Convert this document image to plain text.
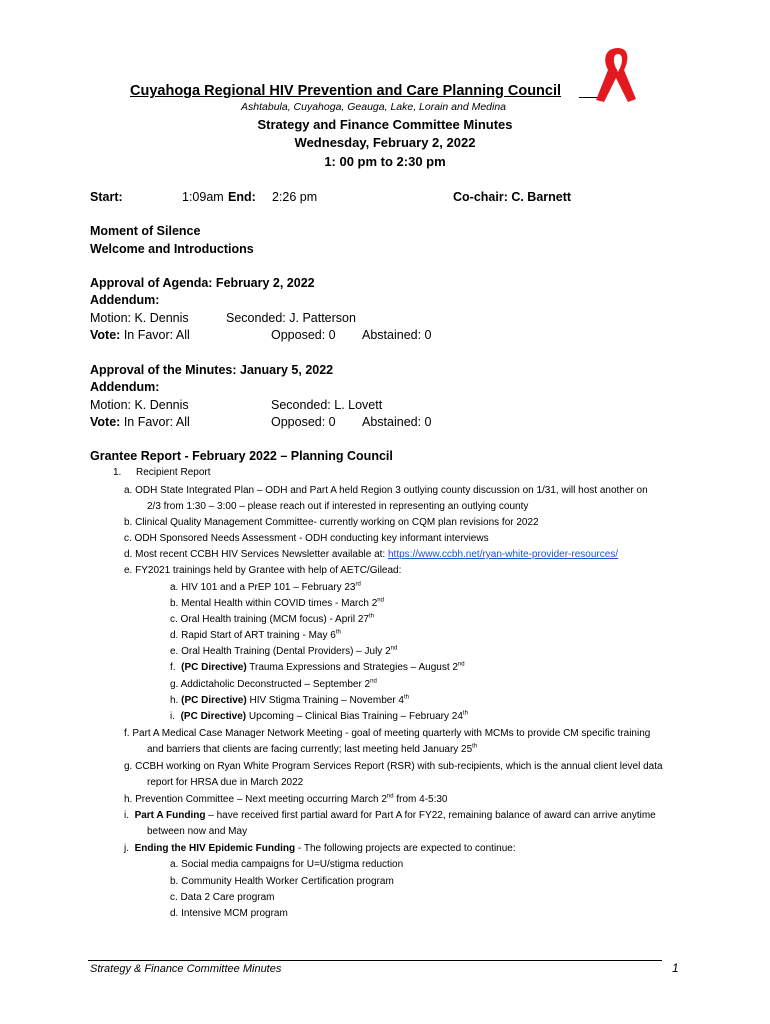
Cuyahoga Regional HIV Prevention and Care Planning Council
Ashtabula, Cuyahoga, Geauga, Lake, Lorain and Medina
Strategy and Finance Committee Minutes
Wednesday, February 2, 2022
1: 00 pm to 2:30 pm
Start:	1:09am End: 2:26 pm	Co-chair: C. Barnett
Moment of Silence
Welcome and Introductions
Approval of Agenda: February 2, 2022
Addendum:
Motion: K. Dennis	Seconded: J. Patterson
Vote: In Favor: All	Opposed: 0 Abstained: 0
Approval of the Minutes: January 5, 2022
Addendum:
Motion: K. Dennis	Seconded: L. Lovett
Vote: In Favor: All	Opposed: 0 Abstained: 0
Grantee Report - February 2022 – Planning Council
1. Recipient Report
a. ODH State Integrated Plan – ODH and Part A held Region 3 outlying county discussion on 1/31, will host another on
2/3 from 1:30 – 3:00 – please reach out if interested in representing an outlying county
b. Clinical Quality Management Committee- currently working on CQM plan revisions for 2022
c. ODH Sponsored Needs Assessment - ODH conducting key informant interviews
d. Most recent CCBH HIV Services Newsletter available at: https://www.ccbh.net/ryan-white-provider-resources/
e. FY2021 trainings held by Grantee with help of AETC/Gilead:
a. HIV 101 and a PrEP 101 – February 23rd
b. Mental Health within COVID times - March 2nd
c. Oral Health training (MCM focus) - April 27th
d. Rapid Start of ART training - May 6th
e. Oral Health Training (Dental Providers) – July 2nd
f. (PC Directive) Trauma Expressions and Strategies – August 2nd
g. Addictaholic Deconstructed – September 2nd
h. (PC Directive) HIV Stigma Training – November 4th
i. (PC Directive) Upcoming – Clinical Bias Training – February 24th
f. Part A Medical Case Manager Network Meeting - goal of meeting quarterly with MCMs to provide CM specific training
and barriers that clients are facing currently; last meeting held January 25th
g. CCBH working on Ryan White Program Services Report (RSR) with sub-recipients, which is the annual client level data
report for HRSA due in March 2022
h. Prevention Committee – Next meeting occurring March 2nd from 4-5:30
i. Part A Funding – have received first partial award for Part A for FY22, remaining balance of award can arrive anytime
between now and May
j. Ending the HIV Epidemic Funding - The following projects are expected to continue:
a. Social media campaigns for U=U/stigma reduction
b. Community Health Worker Certification program
c. Data 2 Care program
d. Intensive MCM program
Strategy & Finance Committee Minutes	1
